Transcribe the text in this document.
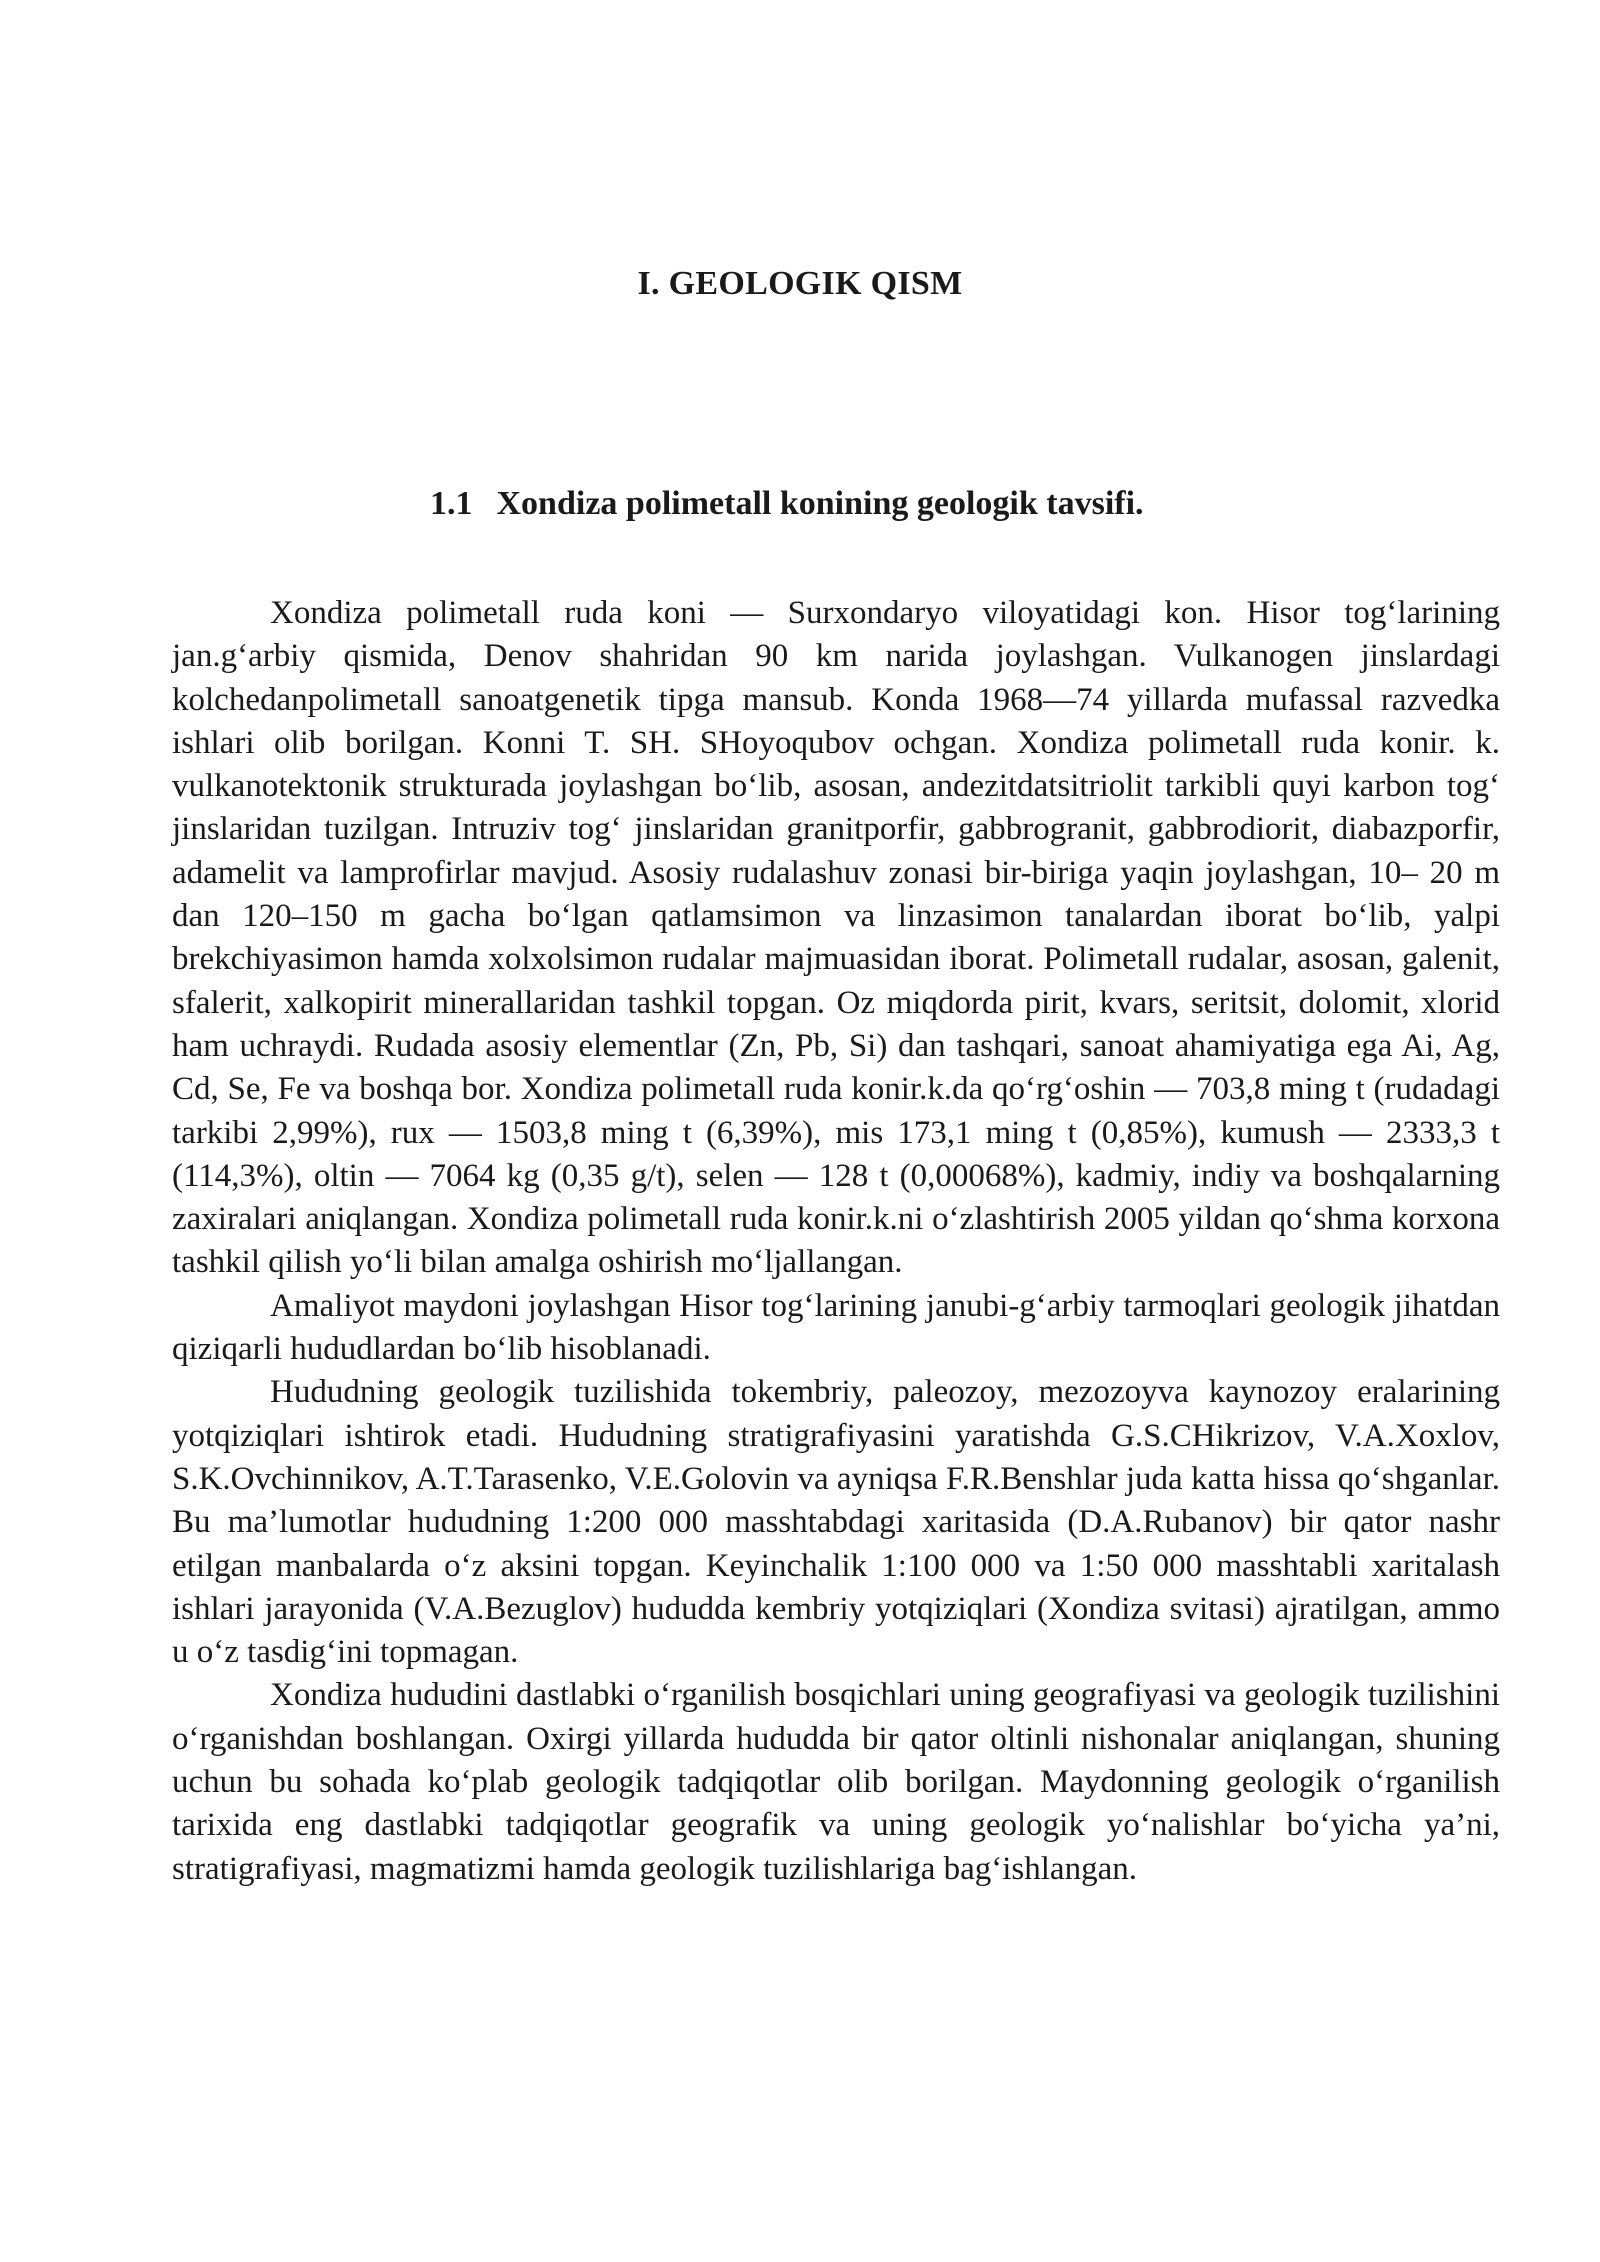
I. GEOLOGIK QISM
1.1 Xondiza polimetall konining geologik tavsifi.

Xondiza polimetall ruda koni — Surxondaryo viloyatidagi kon. Hisor tog‘larining jan.g‘arbiy qismida, Denov shahridan 90 km narida joylashgan. Vulkanogen jinslardagi kolchedanpolimetall sanoatgenetik tipga mansub. Konda 1968—74 yillarda mufassal razvedka ishlari olib borilgan. Konni T. SH. SHoyoqubov ochgan. Xondiza polimetall ruda konir. k. vulkanotektonik strukturada joylashgan bo‘lib, asosan, andezitdatsitriolit tarkibli quyi karbon tog‘ jinslaridan tuzilgan. Intruziv tog‘ jinslaridan granitporfir, gabbrogranit, gabbrodiorit, diabazporfir, adamelit va lamprofirlar mavjud. Asosiy rudalashuv zonasi bir-biriga yaqin joylashgan, 10– 20 m dan 120–150 m gacha bo‘lgan qatlamsimon va linzasimon tanalardan iborat bo‘lib, yalpi brekchiyasimon hamda xolxolsimon rudalar majmuasidan iborat. Polimetall rudalar, asosan, galenit, sfalerit, xalkopirit minerallaridan tashkil topgan. Oz miqdorda pirit, kvars, seritsit, dolomit, xlorid ham uchraydi. Rudada asosiy elementlar (Zn, Pb, Si) dan tashqari, sanoat ahamiyatiga ega Ai, Ag, Cd, Se, Fe va boshqa bor. Xondiza polimetall ruda konir.k.da qo‘rg‘oshin — 703,8 ming t (rudadagi tarkibi 2,99%), rux — 1503,8 ming t (6,39%), mis 173,1 ming t (0,85%), kumush — 2333,3 t (114,3%), oltin — 7064 kg (0,35 g/t), selen — 128 t (0,00068%), kadmiy, indiy va boshqalarning zaxiralari aniqlangan. Xondiza polimetall ruda konir.k.ni o‘zlashtirish 2005 yildan qo‘shma korxona tashkil qilish yo‘li bilan amalga oshirish mo‘ljallangan.

Amaliyot maydoni joylashgan Hisor tog‘larining janubi-g‘arbiy tarmoqlari geologik jihatdan qiziqarli hududlardan bo‘lib hisoblanadi.

Hududning geologik tuzilishida tokembriy, paleozoy, mezozoyva kaynozoy eralarining yotqiziqlari ishtirok etadi. Hududning stratigrafiyasini yaratishda G.S.CHikrizov, V.A.Xoxlov, S.K.Ovchinnikov, A.T.Tarasenko, V.E.Golovin va ayniqsa F.R.Benshlar juda katta hissa qo‘shganlar. Bu ma’lumotlar hududning 1:200 000 masshtabdagi xaritasida (D.A.Rubanov) bir qator nashr etilgan manbalarda o‘z aksini topgan. Keyinchalik 1:100 000 va 1:50 000 masshtabli xaritalash ishlari jarayonida (V.A.Bezuglov) hududda kembriy yotqiziqlari (Xondiza svitasi) ajratilgan, ammo u o‘z tasdig‘ini topmagan.

Xondiza hududini dastlabki o‘rganilish bosqichlari uning geografiyasi va geologik tuzilishini o‘rganishdan boshlangan. Oxirgi yillarda hududda bir qator oltinli nishonalar aniqlangan, shuning uchun bu sohada ko‘plab geologik tadqiqotlar olib borilgan. Maydonning geologik o‘rganilish tarixida eng dastlabki tadqiqotlar geografik va uning geologik yo‘nalishlar bo‘yicha ya’ni, stratigrafiyasi, magmatizmi hamda geologik tuzilishlariga bag‘ishlangan.
